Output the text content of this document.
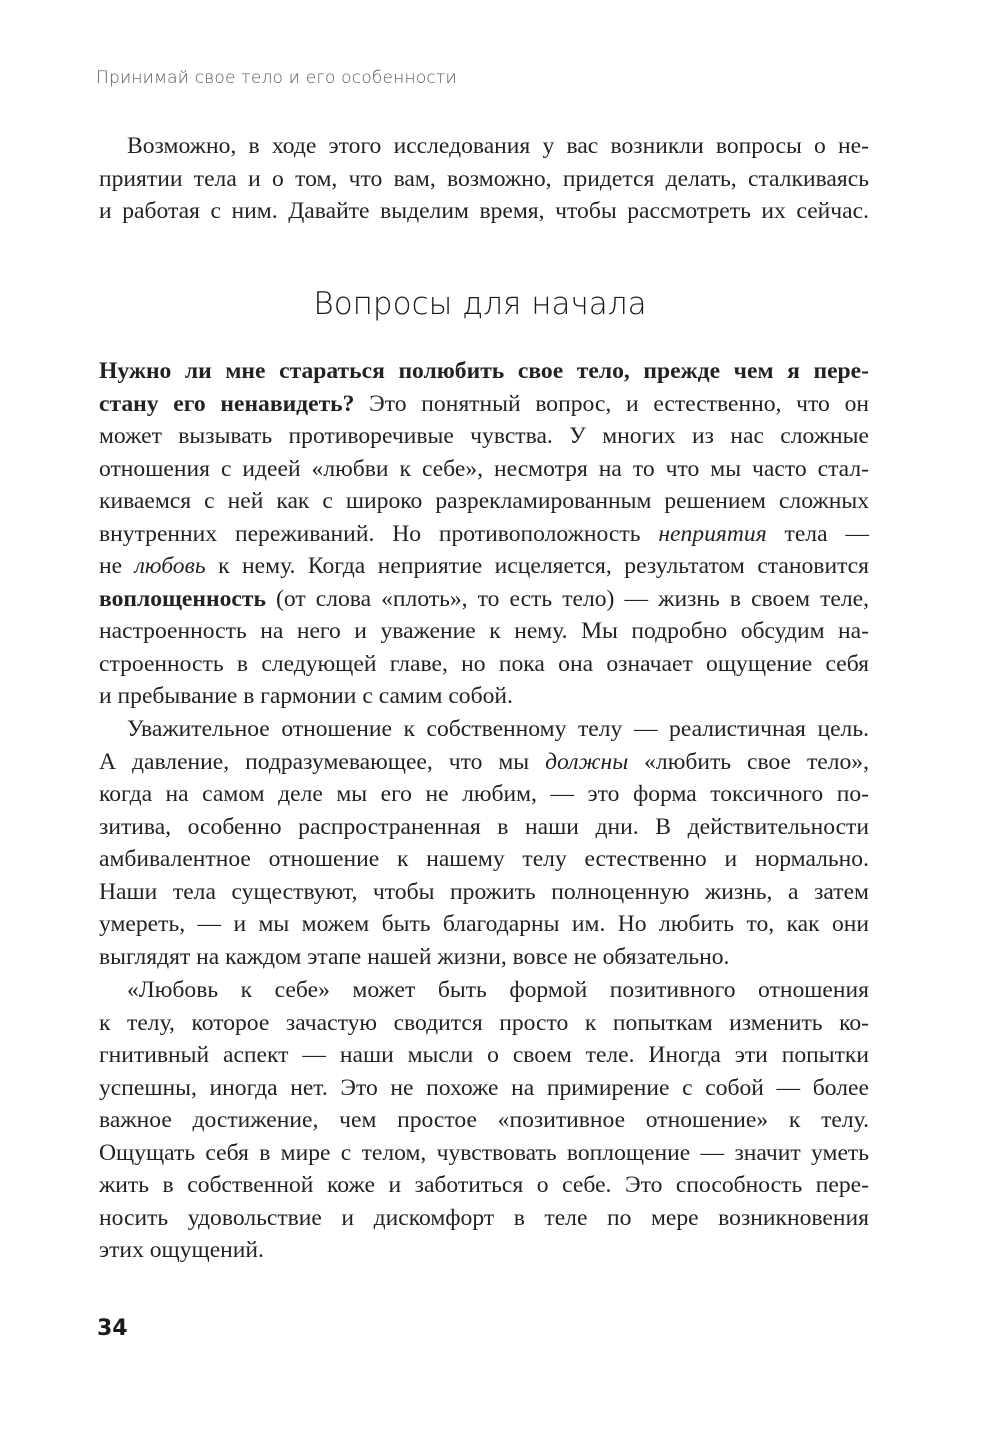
Принимай свое тело и его особенности
Возможно, в ходе этого исследования у вас возникли вопросы о не-
приятии тела и о том, что вам, возможно, придется делать, сталкиваясь
и работая с ним. Давайте выделим время, чтобы рассмотреть их сейчас.
Вопросы для начала
Нужно ли мне стараться полюбить свое тело, прежде чем я пере-
стану его ненавидеть? Это понятный вопрос, и естественно, что он
может вызывать противоречивые чувства. У многих из нас сложные
отношения с идеей «любви к себе», несмотря на то что мы часто стал-
киваемся с ней как с широко разрекламированным решением сложных
внутренних переживаний. Но противоположность неприятия тела —
не любовь к нему. Когда неприятие исцеляется, результатом становится
воплощенность (от слова «плоть», то есть тело) — жизнь в своем теле,
настроенность на него и уважение к нему. Мы подробно обсудим на-
строенность в следующей главе, но пока она означает ощущение себя
и пребывание в гармонии с самим собой.
Уважительное отношение к собственному телу — реалистичная цель.
А давление, подразумевающее, что мы должны «любить свое тело»,
когда на самом деле мы его не любим, — это форма токсичного по-
зитива, особенно распространенная в наши дни. В действительности
амбивалентное отношение к нашему телу естественно и нормально.
Наши тела существуют, чтобы прожить полноценную жизнь, а затем
умереть, — и мы можем быть благодарны им. Но любить то, как они
выглядят на каждом этапе нашей жизни, вовсе не обязательно.
«Любовь к себе» может быть формой позитивного отношения
к телу, которое зачастую сводится просто к попыткам изменить ко-
гнитивный аспект — наши мысли о своем теле. Иногда эти попытки
успешны, иногда нет. Это не похоже на примирение с собой — более
важное достижение, чем простое «позитивное отношение» к телу.
Ощущать себя в мире с телом, чувствовать воплощение — значит уметь
жить в собственной коже и заботиться о себе. Это способность пере-
носить удовольствие и дискомфорт в теле по мере возникновения
этих ощущений.
34
